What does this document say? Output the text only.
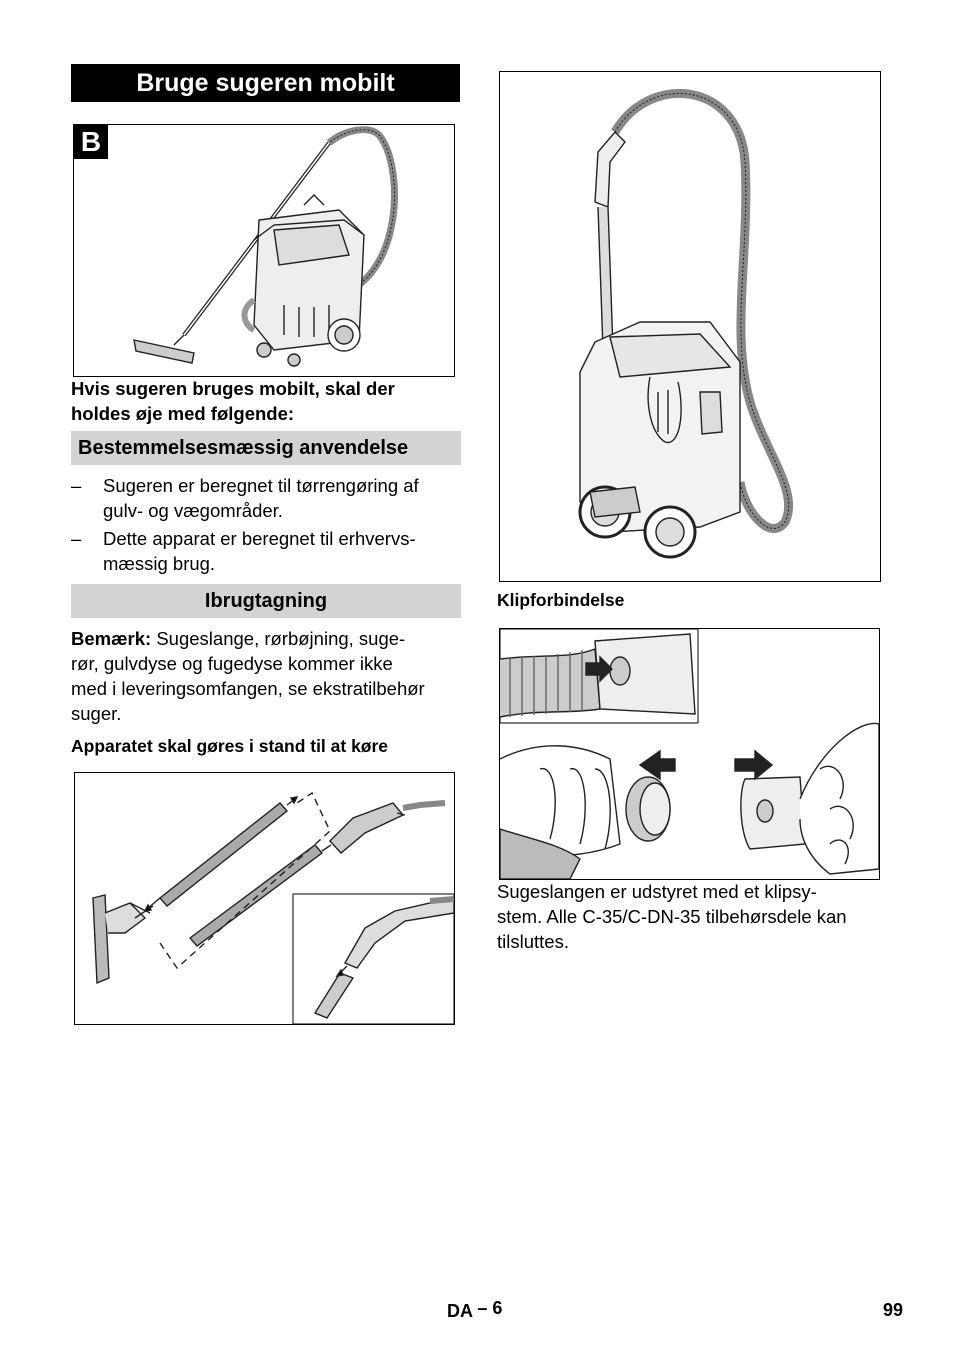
Bruge sugeren mobilt
B
Hvis sugeren bruges mobilt, skal der
holdes øje med følgende:
Bestemmelsesmæssig anvendelse
– Sugeren er beregnet til tørrengøring af
gulv- og vægområder.
– Dette apparat er beregnet til erhvervs-
mæssig brug.
Ibrugtagning
Bemærk: Sugeslange, rørbøjning, suge-
rør, gulvdyse og fugedyse kommer ikke
med i leveringsomfangen, se ekstratilbehør
suger.
Apparatet skal gøres i stand til at køre
Klipforbindelse
Sugeslangen er udstyret med et klipsy-
stem. Alle C-35/C-DN-35 tilbehørsdele kan
tilsluttes.
DA – 6	99
